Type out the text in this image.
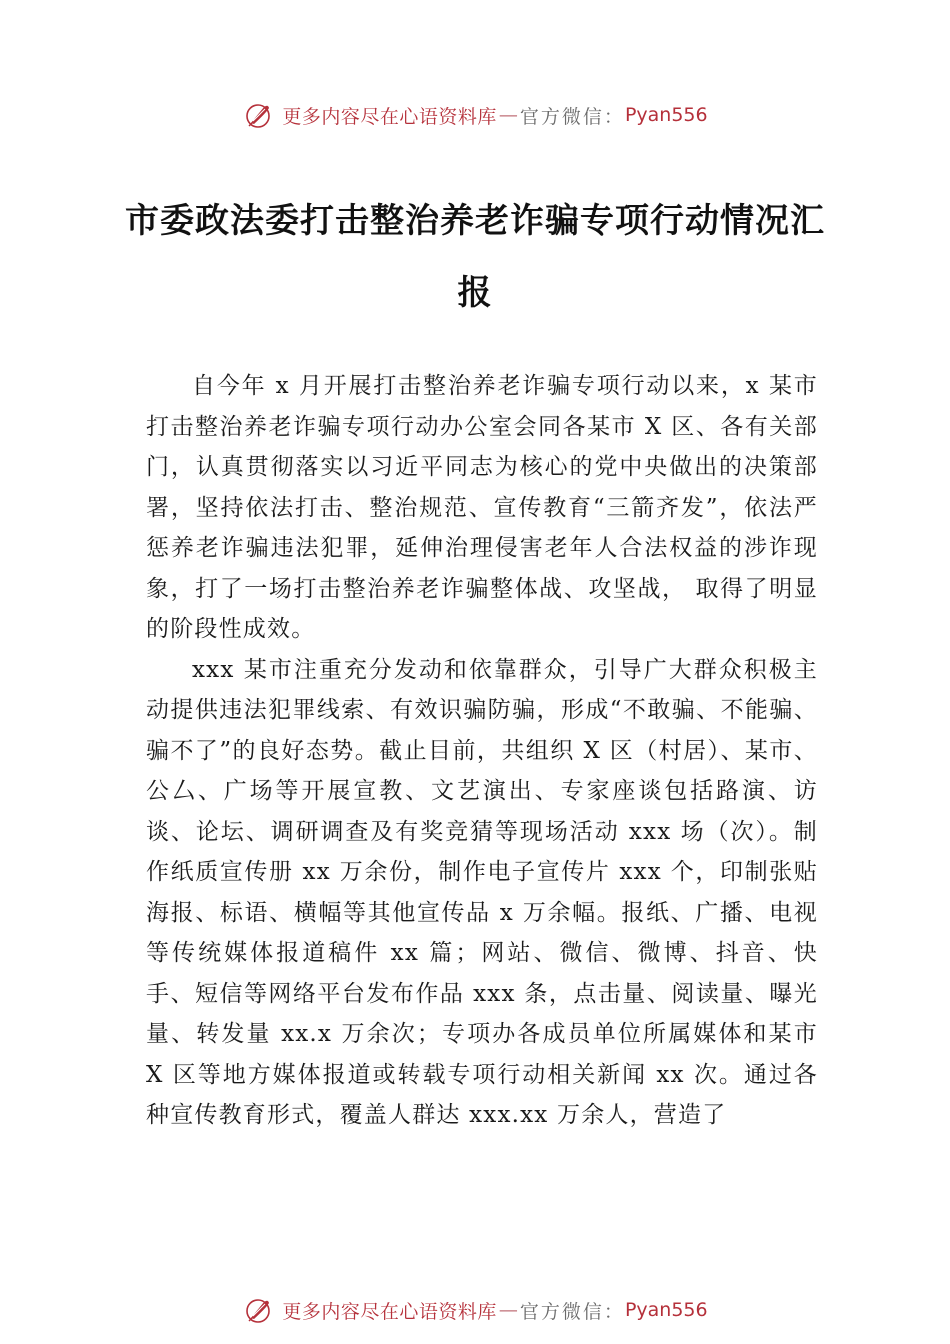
更多内容尽在心语资料库 — 官方微信： Pyan556
市委政法委打击整治养老诈骗专项行动情况汇报

自今年 x 月开展打击整治养老诈骗专项行动以来，x 某市打击整治养老诈骗专项行动办公室会同各某市 X 区、各有关部门，认真贯彻落实以习近平同志为核心的党中央做出的决策部署，坚持依法打击、整治规范、宣传教育“三箭齐发”，依法严惩养老诈骗违法犯罪，延伸治理侵害老年人合法权益的涉诈现象，打了一场打击整治养老诈骗整体战、攻坚战， 取得了明显的阶段性成效。

xxx 某市注重充分发动和依靠群众，引导广大群众积极主动提供违法犯罪线索、有效识骗防骗，形成“不敢骗、不能骗、骗不了”的良好态势。截止目前，共组织 X 区（村居）、某市、公厶、广场等开展宣教、文艺演出、专家座谈包括路演、访谈、论坛、调研调查及有奖竞猜等现场活动 xxx 场（次）。制作纸质宣传册 xx 万余份，制作电子宣传片 xxx 个，印制张贴海报、标语、横幅等其他宣传品 x 万余幅。报纸、广播、电视等传统媒体报道稿件 xx 篇；网站、微信、微博、抖音、快手、短信等网络平台发布作品 xxx 条，点击量、阅读量、曝光量、转发量 xx.x 万余次；专项办各成员单位所属媒体和某市 X 区等地方媒体报道或转载专项行动相关新闻 xx 次。通过各种宣传教育形式，覆盖人群达 xxx.xx 万余人，营造了

更多内容尽在心语资料库 — 官方微信： Pyan556
